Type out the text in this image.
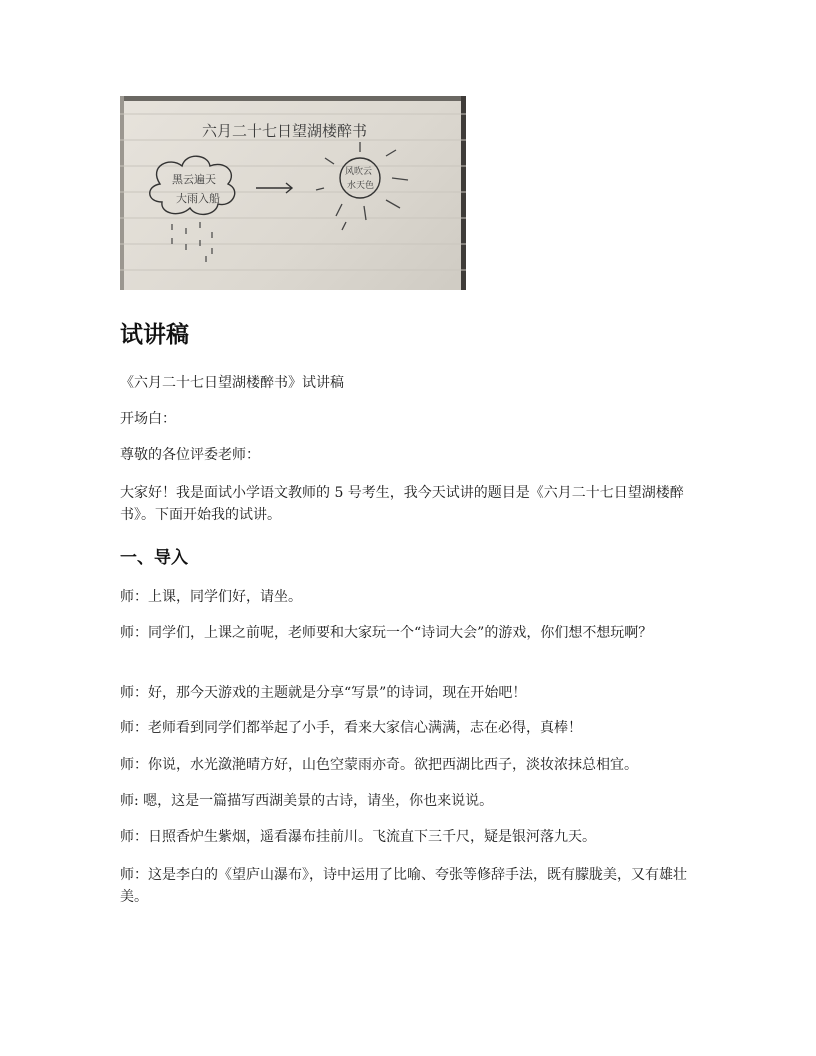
六月二十七日望湖楼醉书
黑云遍天
大雨入船
风吹云
水天色
试讲稿

《六月二十七日望湖楼醉书》试讲稿

开场白：

尊敬的各位评委老师：

大家好！我是面试小学语文教师的 5 号考生，我今天试讲的题目是《六月二十七日望湖楼醉书》。下面开始我的试讲。

一、导入

师：上课，同学们好，请坐。

师：同学们，上课之前呢，老师要和大家玩一个“诗词大会”的游戏，你们想不想玩啊？

师：好，那今天游戏的主题就是分享“写景”的诗词，现在开始吧！

师：老师看到同学们都举起了小手，看来大家信心满满，志在必得，真棒！

师：你说，水光潋滟晴方好，山色空蒙雨亦奇。欲把西湖比西子，淡妆浓抹总相宜。

师: 嗯，这是一篇描写西湖美景的古诗，请坐，你也来说说。

师：日照香炉生紫烟，遥看瀑布挂前川。飞流直下三千尺，疑是银河落九天。

师：这是李白的《望庐山瀑布》，诗中运用了比喻、夸张等修辞手法，既有朦胧美，又有雄壮美。
